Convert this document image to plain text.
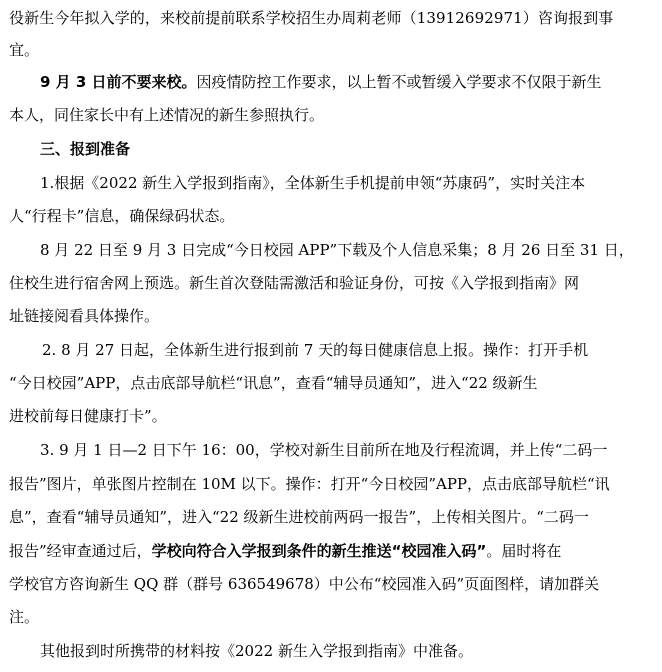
役新生今年拟入学的，来校前提前联系学校招生办周莉老师（13912692971）咨询报到事
宜。
9 月 3 日前不要来校。因疫情防控工作要求，以上暂不或暂缓入学要求不仅限于新生
本人，同住家长中有上述情况的新生参照执行。
三、报到准备
1.根据《2022 新生入学报到指南》，全体新生手机提前申领“苏康码”，实时关注本
人“行程卡”信息，确保绿码状态。
8 月 22 日至 9 月 3 日完成“今日校园 APP”下载及个人信息采集；8 月 26 日至 31 日，
住校生进行宿舍网上预选。新生首次登陆需激活和验证身份，可按《入学报到指南》网
址链接阅看具体操作。
2. 8 月 27 日起，全体新生进行报到前 7 天的每日健康信息上报。操作：打开手机
“今日校园”APP，点击底部导航栏“讯息”，查看“辅导员通知”，进入“22 级新生
进校前每日健康打卡”。
3. 9 月 1 日—2 日下午 16：00，学校对新生目前所在地及行程流调，并上传“二码一
报告”图片，单张图片控制在 10M 以下。操作：打开“今日校园”APP，点击底部导航栏“讯
息”，查看“辅导员通知”，进入“22 级新生进校前两码一报告”，上传相关图片。“二码一
报告”经审查通过后，学校向符合入学报到条件的新生推送“校园准入码”。届时将在
学校官方咨询新生 QQ 群（群号 636549678）中公布“校园准入码”页面图样，请加群关
注。
其他报到时所携带的材料按《2022 新生入学报到指南》中准备。
